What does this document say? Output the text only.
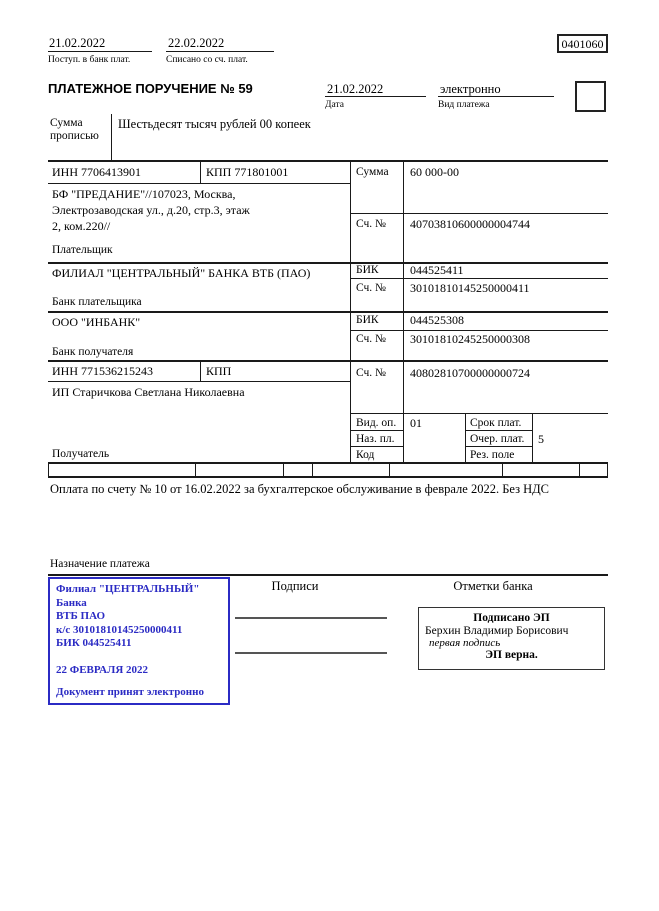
21.02.2022
Поступ. в банк плат.
22.02.2022
Списано со сч. плат.
0401060
ПЛАТЕЖНОЕ ПОРУЧЕНИЕ № 59	21.02.2022
Дата
электронно
Вид платежа
Сумма
прописью
Шестьдесят тысяч рублей 00 копеек
ИНН 7706413901	КПП 771801001
БФ "ПРЕДАНИЕ"//107023, Москва,
Электрозаводская ул., д.20, стр.3, этаж
2, ком.220//
Плательщик
Сумма 60 000-00
Сч. № 40703810600000004744
ФИЛИАЛ "ЦЕНТРАЛЬНЫЙ" БАНКА ВТБ (ПАО)
Банк плательщика
БИК	044525411
Сч. № 30101810145250000411
ООО "ИНБАНК"
Банк получателя
БИК	044525308
Сч. № 30101810245250000308
ИНН 771536215243	КПП
ИП Старичкова Светлана Николаевна
Получатель
Сч. № 40802810700000000724
Вид. оп. 01	Срок плат.
Наз. пл.	Очер. плат. 5
Код	Рез. поле
Оплата по счету № 10 от 16.02.2022 за бухгалтерское обслуживание в феврале 2022. Без НДС
Назначение платежа
Филиал "ЦЕНТРАЛЬНЫЙ" Банка
ВТБ ПАО
к/с 30101810145250000411
БИК 044525411
22 ФЕВРАЛЯ 2022
Документ принят электронно
Подписи	Отметки банка
Подписано ЭП
Берхин Владимир Борисович
первая подпись
ЭП верна.
